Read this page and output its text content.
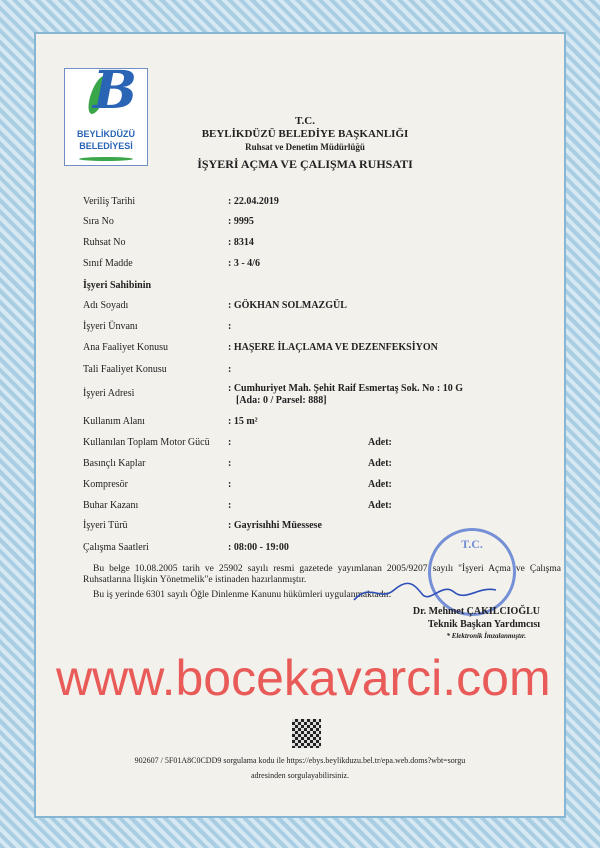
B
BEYLİKDÜZÜ
BELEDİYESİ
T.C.
BEYLİKDÜZÜ BELEDİYE BAŞKANLIĞI
Ruhsat ve Denetim Müdürlüğü
İŞYERİ AÇMA VE ÇALIŞMA RUHSATI
Veriliş Tarihi	: 22.04.2019
Sıra No	: 9995
Ruhsat No	: 8314
Sınıf Madde	: 3 - 4/6
İşyeri Sahibinin
Adı Soyadı	: GÖKHAN SOLMAZGÜL
İşyeri Ünvanı	:
Ana Faaliyet Konusu	: HAŞERE İLAÇLAMA VE DEZENFEKSİYON
Tali Faaliyet Konusu	:
İşyeri Adresi	: Cumhuriyet Mah. Şehit Raif Esmertaş Sok. No : 10 G
[Ada: 0 / Parsel: 888]
Kullanım Alanı	: 15 m²
Kullanılan Toplam Motor Gücü :	Adet:
Basınçlı Kaplar	:	Adet:
Kompresör	:	Adet:
Buhar Kazanı	:	Adet:
İşyeri Türü	: Gayrisıhhi Müessese
Çalışma Saatleri	: 08:00 - 19:00
Bu belge 10.08.2005 tarih ve 25902 sayılı resmi gazetede yayımlanan 2005/9207 sayılı "İşyeri Açma ve Çalışma Ruhsatlarına İlişkin Yönetmelik"e istinaden hazırlanmıştır.
Bu iş yerinde 6301 sayılı Öğle Dinlenme Kanunu hükümleri uygulanmaktadır.
T.C.
Dr. Mehmet ÇAKILCIOĞLU
Teknik Başkan Yardımcısı
* Elektronik İmzalanmıştır.
www.bocekavarci.com
902607 / 5F01A8C0CDD9 sorgulama kodu ile https://ebys.beylikduzu.bel.tr/epa.web.doms?wbt=sorgu
adresinden sorgulayabilirsiniz.
